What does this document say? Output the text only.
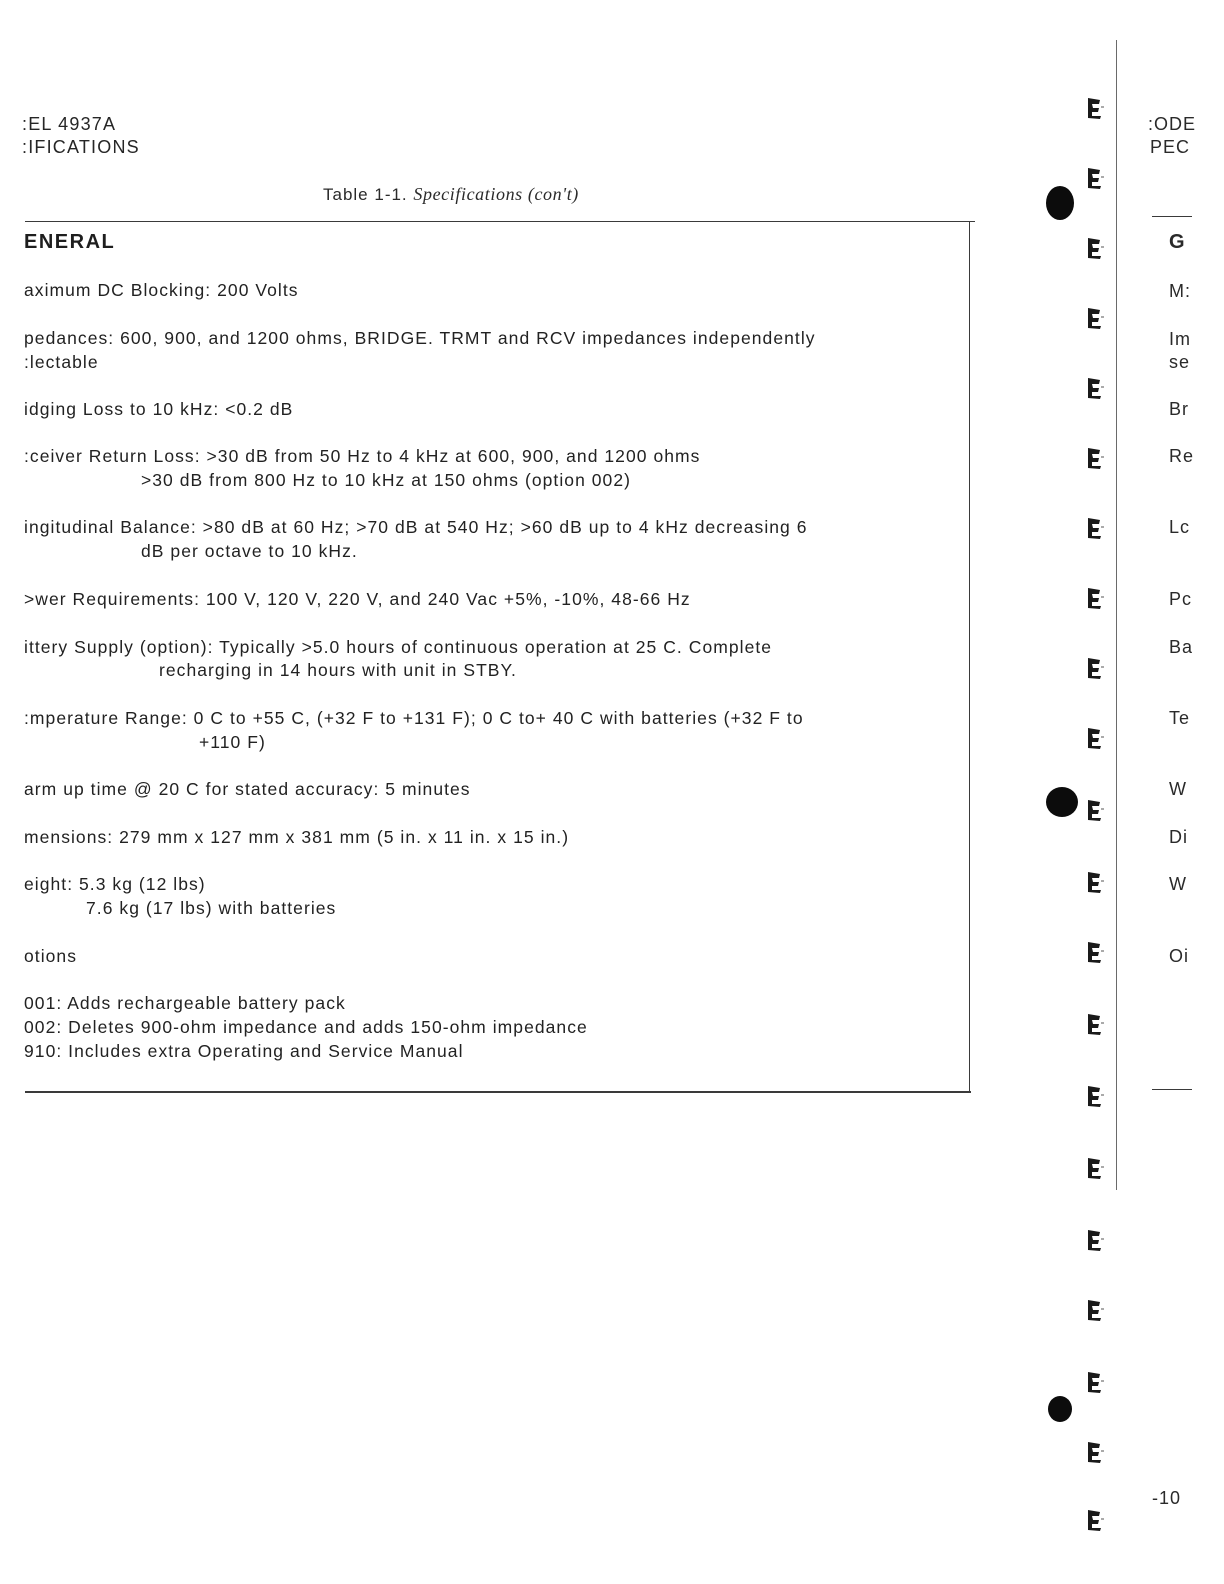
:EL 4937A
:IFICATIONS
Table 1-1. Specifications (con't)
ENERAL
aximum DC Blocking: 200 Volts
pedances: 600, 900, and 1200 ohms, BRIDGE. TRMT and RCV impedances independently
:lectable
idging Loss to 10 kHz: <0.2 dB
:ceiver Return Loss: >30 dB from 50 Hz to 4 kHz at 600, 900, and 1200 ohms
>30 dB from 800 Hz to 10 kHz at 150 ohms (option 002)
ingitudinal Balance: >80 dB at 60 Hz; >70 dB at 540 Hz; >60 dB up to 4 kHz decreasing 6
dB per octave to 10 kHz.
>wer Requirements: 100 V, 120 V, 220 V, and 240 Vac +5%, -10%, 48-66 Hz
ittery Supply (option): Typically >5.0 hours of continuous operation at 25 C. Complete
recharging in 14 hours with unit in STBY.
:mperature Range: 0 C to +55 C, (+32 F to +131 F); 0 C to+ 40 C with batteries (+32 F to
+110 F)
arm up time @ 20 C for stated accuracy: 5 minutes
mensions: 279 mm x 127 mm x 381 mm (5 in. x 11 in. x 15 in.)
eight: 5.3 kg (12 lbs)
7.6 kg (17 lbs) with batteries
otions
001: Adds rechargeable battery pack
002: Deletes 900-ohm impedance and adds 150-ohm impedance
910: Includes extra Operating and Service Manual
:ODE
PEC
G
M:
Im
se
Br
Re
Lc
Pc
Ba
Te
W
Di
W
Oi
-10
